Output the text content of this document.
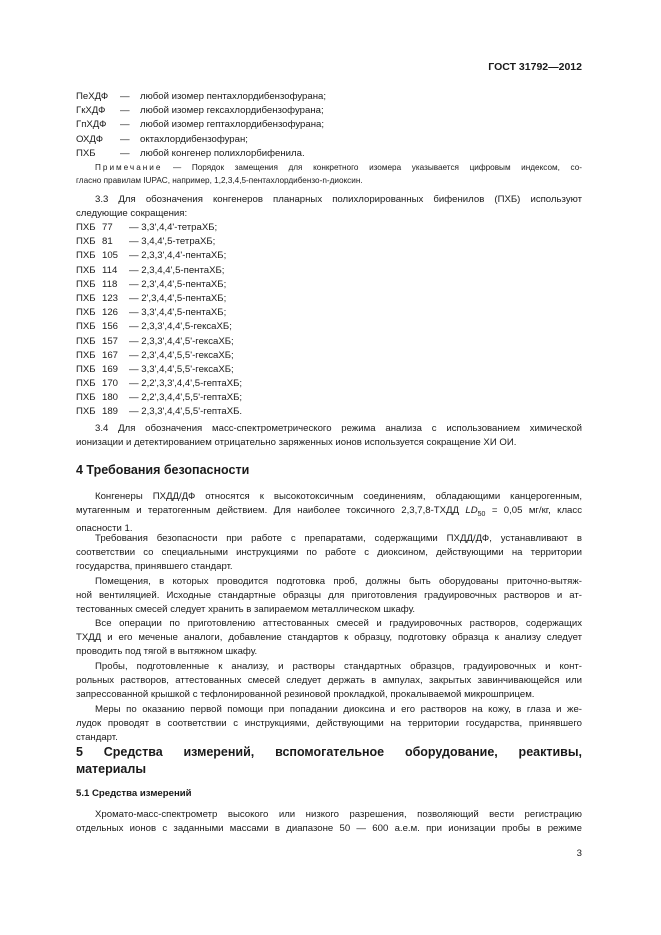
ГОСТ 31792—2012
ПеХДФ — любой изомер пентахлордибензофурана;
ГкХДФ — любой изомер гексахлордибензофурана;
ГпХДФ — любой изомер гептахлордибензофурана;
ОХДФ — октахлордибензофуран;
ПХБ	— любой конгенер полихлорбифенила.
Примечание — Порядок замещения для конкретного изомера указывается цифровым индексом, со-
гласно правилам IUPAC, например, 1,2,3,4,5-пентахлордибензо-n-диоксин.
3.3 Для обозначения конгенеров планарных полихлорированных бифенилов (ПХБ) используют
следующие сокращения:
ПХБ 77 — 3,3',4,4'-тетраХБ;
ПХБ 81 — 3,4,4',5-тетраХБ;
ПХБ 105 — 2,3,3',4,4'-пентаХБ;
ПХБ 114 — 2,3,4,4',5-пентаХБ;
ПХБ 118 — 2,3',4,4',5-пентаХБ;
ПХБ 123 — 2',3,4,4',5-пентаХБ;
ПХБ 126 — 3,3',4,4',5-пентаХБ;
ПХБ 156 — 2,3,3',4,4',5-гексаХБ;
ПХБ 157 — 2,3,3',4,4',5'-гексаХБ;
ПХБ 167 — 2,3',4,4',5,5'-гексаХБ;
ПХБ 169 — 3,3',4,4',5,5'-гексаХБ;
ПХБ 170 — 2,2',3,3',4,4',5-гептаХБ;
ПХБ 180 — 2,2',3,4,4',5,5'-гептаХБ;
ПХБ 189 — 2,3,3',4,4',5,5'-гептаХБ.
3.4 Для обозначения масс-спектрометрического режима анализа с использованием химической
ионизации и детектированием отрицательно заряженных ионов используется сокращение ХИ ОИ.
4 Требования безопасности
Конгенеры ПХДД/ДФ относятся к высокотоксичным соединениям, обладающими канцерогенным,
мутагенным и тератогенным действием. Для наиболее токсичного 2,3,7,8-ТХДД $LD_{50} = 0,05$ мг/кг, класс
опасности 1.
Требования безопасности при работе с препаратами, содержащими ПХДД/ДФ, устанавливают в
соответствии со специальными инструкциями по работе с диоксином, действующими на территории
государства, принявшего стандарт.
Помещения, в которых проводится подготовка проб, должны быть оборудованы приточно-вытяж-
ной вентиляцией. Исходные стандартные образцы для приготовления градуировочных растворов и ат-
тестованных смесей следует хранить в запираемом металлическом шкафу.
Все операции по приготовлению аттестованных смесей и градуировочных растворов, содержащих
ТХДД и его меченые аналоги, добавление стандартов к образцу, подготовку образца к анализу следует
проводить под тягой в вытяжном шкафу.
Пробы, подготовленные к анализу, и растворы стандартных образцов, градуировочных и конт-
рольных растворов, аттестованных смесей следует держать в ампулах, закрытых завинчивающейся или
запрессованной крышкой с тефлонированной резиновой прокладкой, прокалываемой микрошприцем.
Меры по оказанию первой помощи при попадании диоксина и его растворов на кожу, в глаза и же-
лудок проводят в соответствии с инструкциями, действующими на территории государства, принявшего
стандарт.
5 Средства измерений, вспомогательное оборудование, реактивы,
материалы
5.1 Средства измерений
Хромато-масс-спектрометр высокого или низкого разрешения, позволяющий вести регистрацию
отдельных ионов с заданными массами в диапазоне 50 — 600 а.е.м. при ионизации пробы в режиме
3
